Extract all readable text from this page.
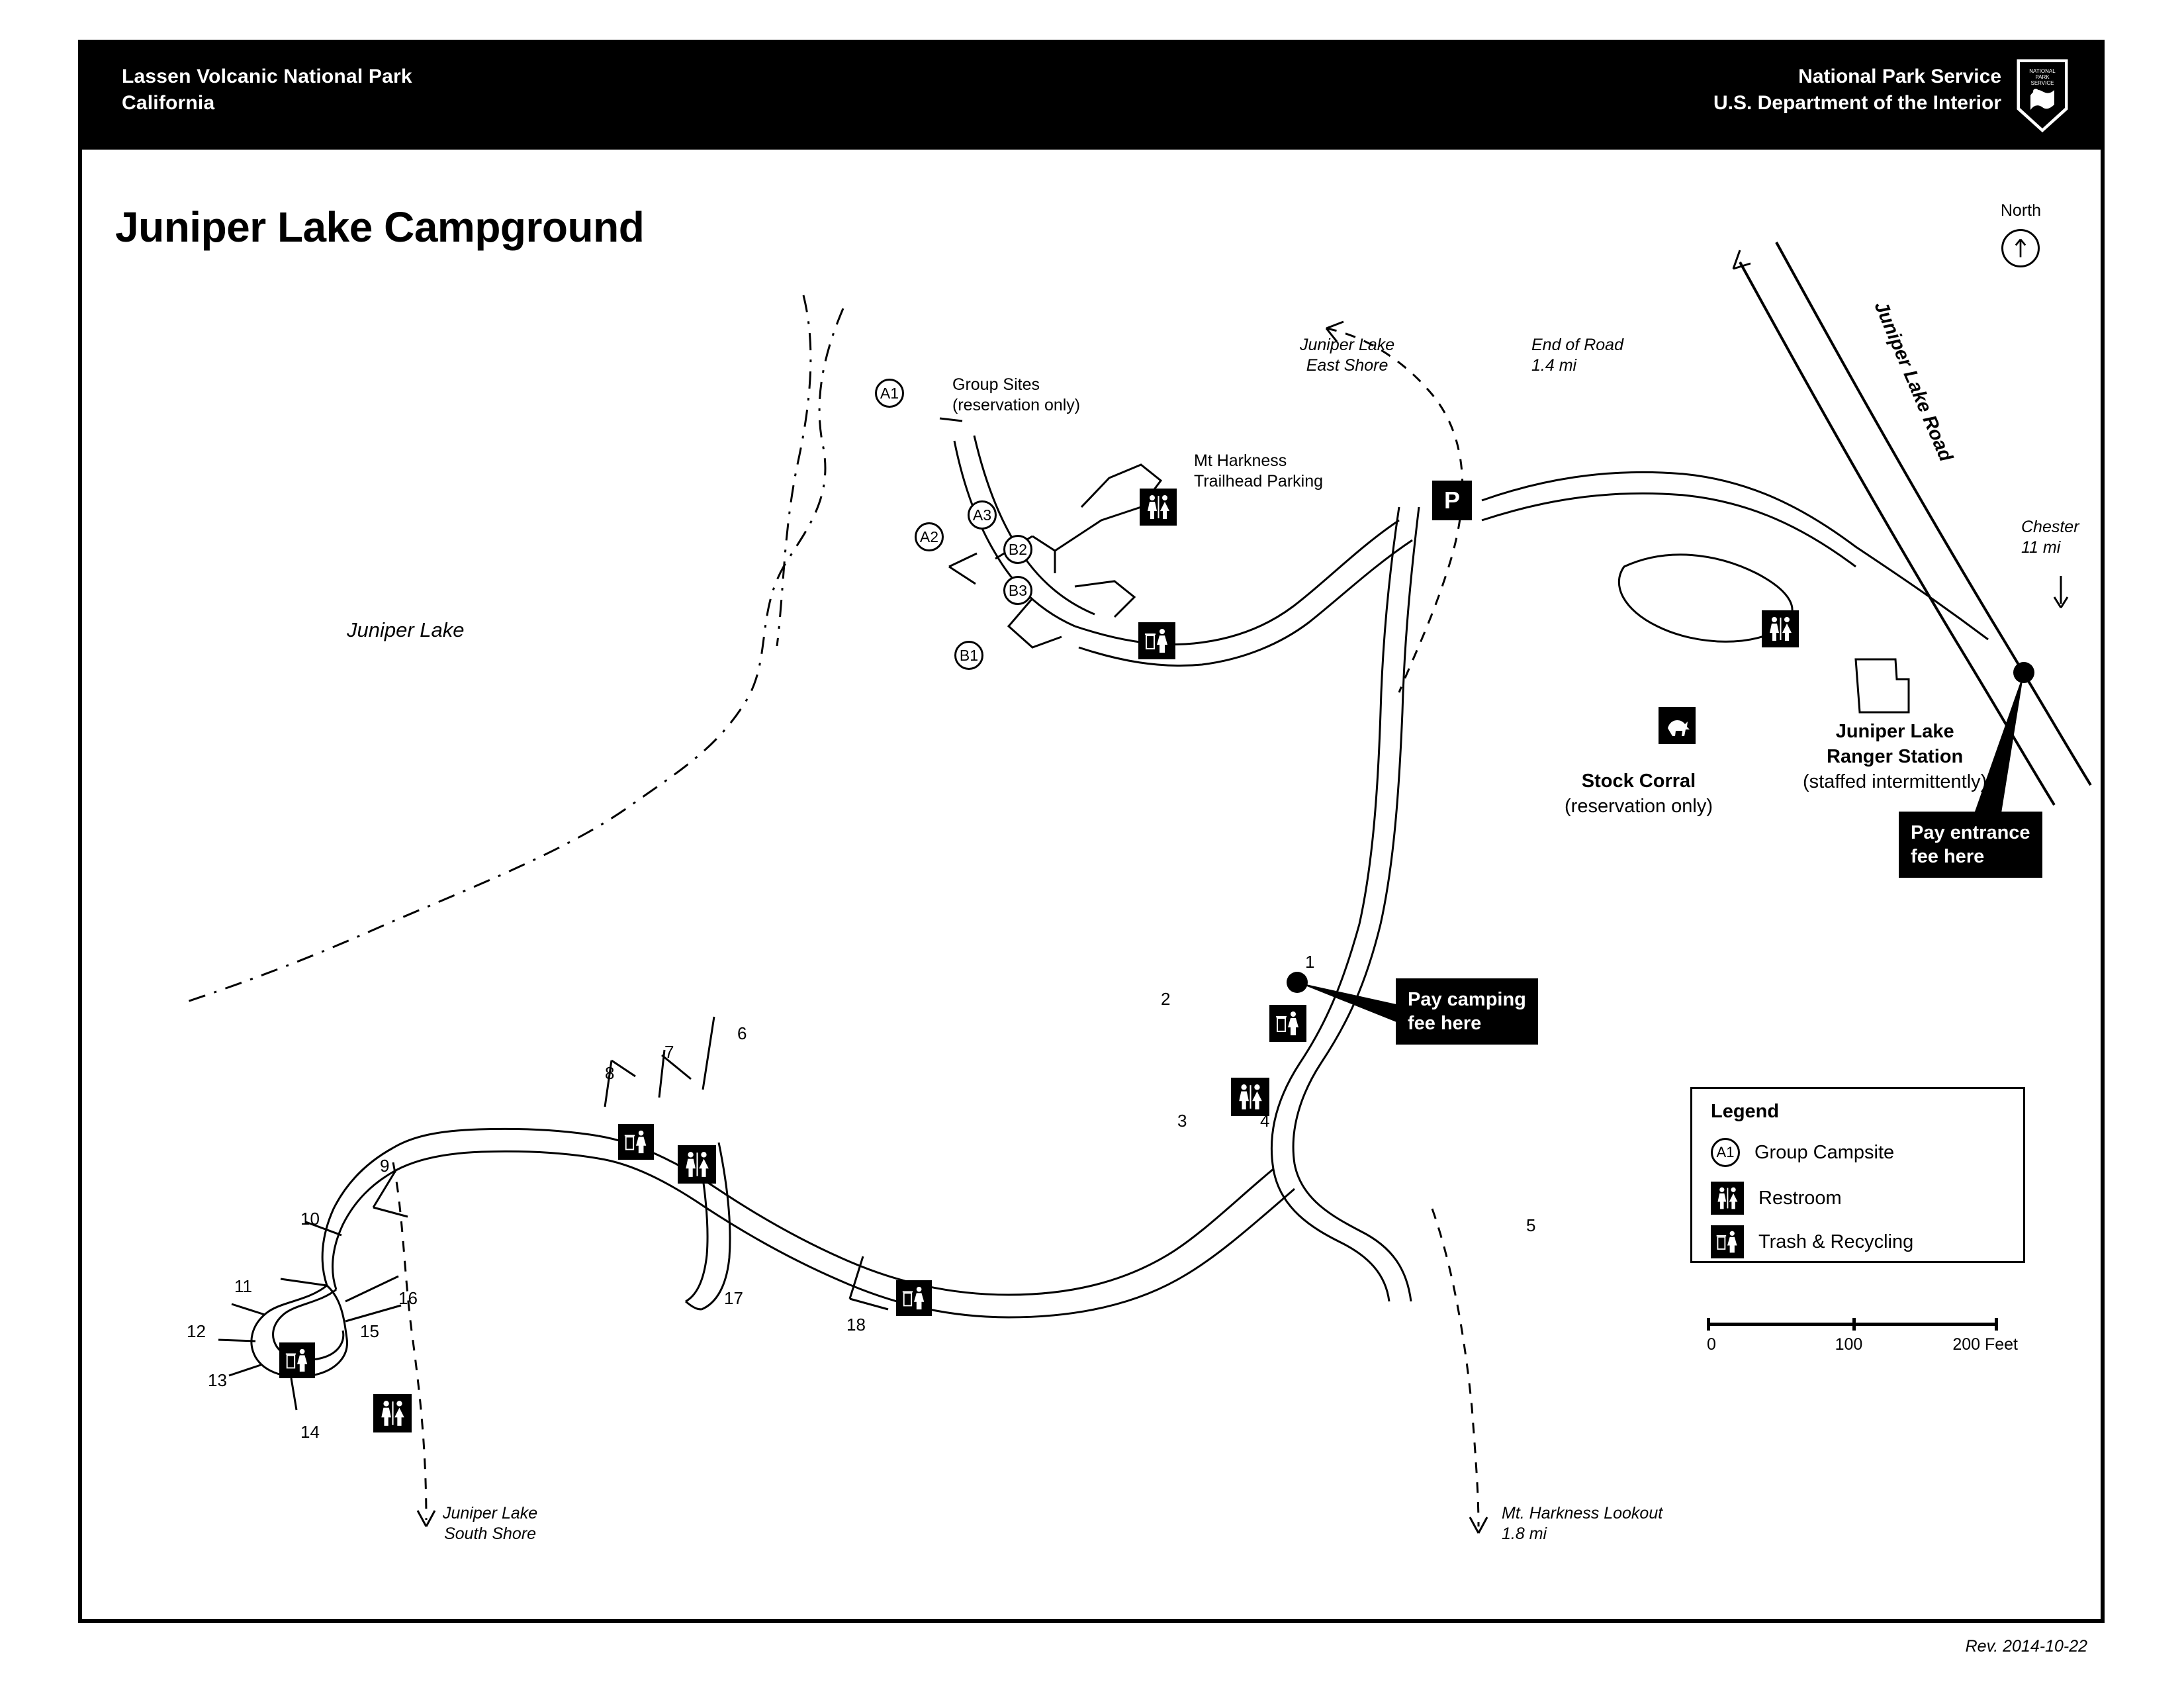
Lassen Volcanic National Park
California
National Park Service
U.S. Department of the Interior
NATIONAL
PARK
SERVICE
Juniper Lake Campground	North
Juniper Lake
Group Sites
(reservation only)
A1
A2
A3
B1
B2
B3
Juniper Lake
East Shore
Mt Harkness
Trailhead Parking
End of Road
1.4 mi	Juniper Lake Road
Chester
11 mi
Juniper Lake
Ranger Station
(staffed intermittently)
Stock Corral
(reservation only)
Juniper Lake
South Shore
Mt. Harkness Lookout
1.8 mi
P
1
2
3	4
5
6
7
8
9
10
11
12
13
14
15
16	17
18
Pay entrance
fee here
Pay camping
fee here
Legend
A1 Group Campsite
Restroom
Trash & Recycling
0	100	200 Feet
Rev. 2014-10-22
